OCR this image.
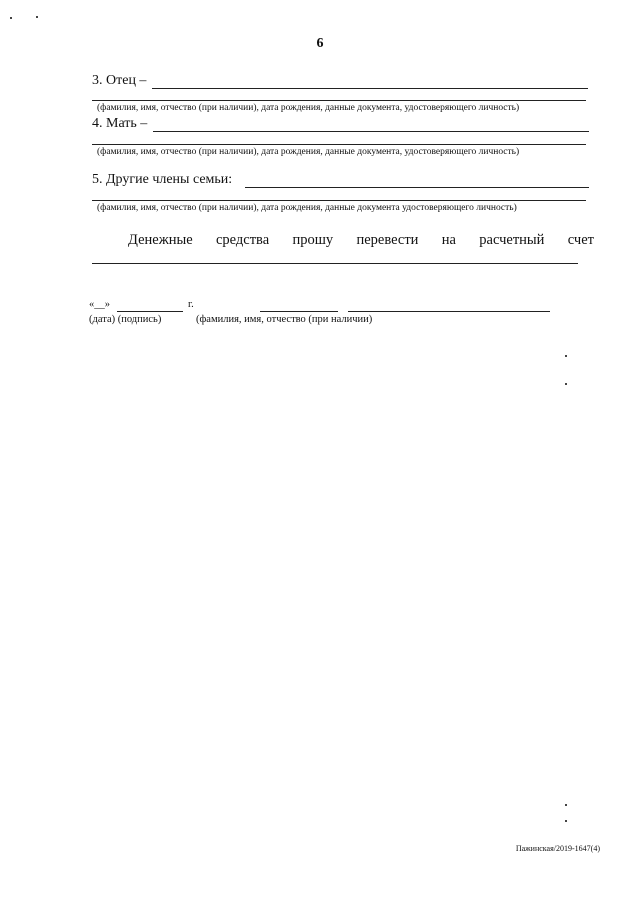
6
3. Отец –
(фамилия, имя, отчество (при наличии), дата рождения, данные документа, удостоверяющего личность)
4. Мать –
(фамилия, имя, отчество (при наличии), дата рождения, данные документа, удостоверяющего личность)
5. Другие члены семьи:
(фамилия, имя, отчество (при наличии), дата рождения, данные документа удостоверяющего личность)
Денежные средства прошу перевести на расчетный счет
«__»	г.
(дата) (подпись)	(фамилия, имя, отчество (при наличии)
Пажинская/2019-1647(4)
